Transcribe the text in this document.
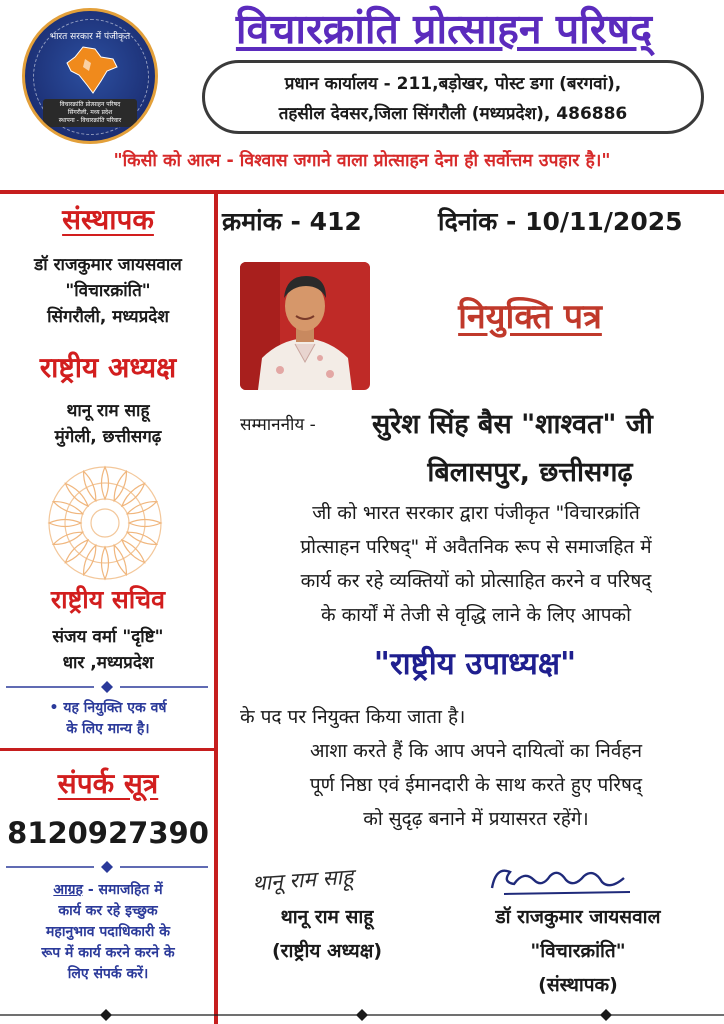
भारत सरकार में पंजीकृत
विचारक्रांति प्रोत्साहन परिषद
सिंगरौली, मध्य प्रदेश
स्थापना - विचारक्रांति परिवार
विचारक्रांति प्रोत्साहन परिषद्
प्रधान कार्यालय - 211,बड़ोखर, पोस्ट डगा (बरगवां),
तहसील देवसर,जिला सिंगरौली (मध्यप्रदेश), 486886
"किसी को आत्म - विश्वास जगाने वाला प्रोत्साहन देना ही सर्वोत्तम उपहार है।"
संस्थापक
डॉ राजकुमार जायसवाल
"विचारक्रांति"
सिंगरौली, मध्यप्रदेश
राष्ट्रीय अध्यक्ष
थानू राम साहू
मुंगेली, छत्तीसगढ़
राष्ट्रीय सचिव
संजय वर्मा "दृष्टि"
धार ,मध्यप्रदेश
• यह नियुक्ति एक वर्ष
के लिए मान्य है।
संपर्क सूत्र
8120927390
आग्रह - समाजहित में
कार्य कर रहे इच्छुक
महानुभाव पदाधिकारी के
रूप में कार्य करने करने के
लिए संपर्क करें।
क्रमांक - 412	दिनांक - 10/11/2025
नियुक्ति पत्र
सम्माननीय - सुरेश सिंह बैस "शाश्वत" जी
बिलासपुर, छत्तीसगढ़
जी को भारत सरकार द्वारा पंजीकृत "विचारक्रांति
प्रोत्साहन परिषद्" में अवैतनिक रूप से समाजहित में
कार्य कर रहे व्यक्तियों को प्रोत्साहित करने व परिषद्
के कार्यों में तेजी से वृद्धि लाने के लिए आपको
"राष्ट्रीय उपाध्यक्ष"
के पद पर नियुक्त किया जाता है।
आशा करते हैं कि आप अपने दायित्वों का निर्वहन
पूर्ण निष्ठा एवं ईमानदारी के साथ करते हुए परिषद्
को सुदृढ़ बनाने में प्रयासरत रहेंगे।
थानू राम साहू
थानू राम साहू
(राष्ट्रीय अध्यक्ष)
डॉ राजकुमार जायसवाल
"विचारक्रांति"
(संस्थापक)
